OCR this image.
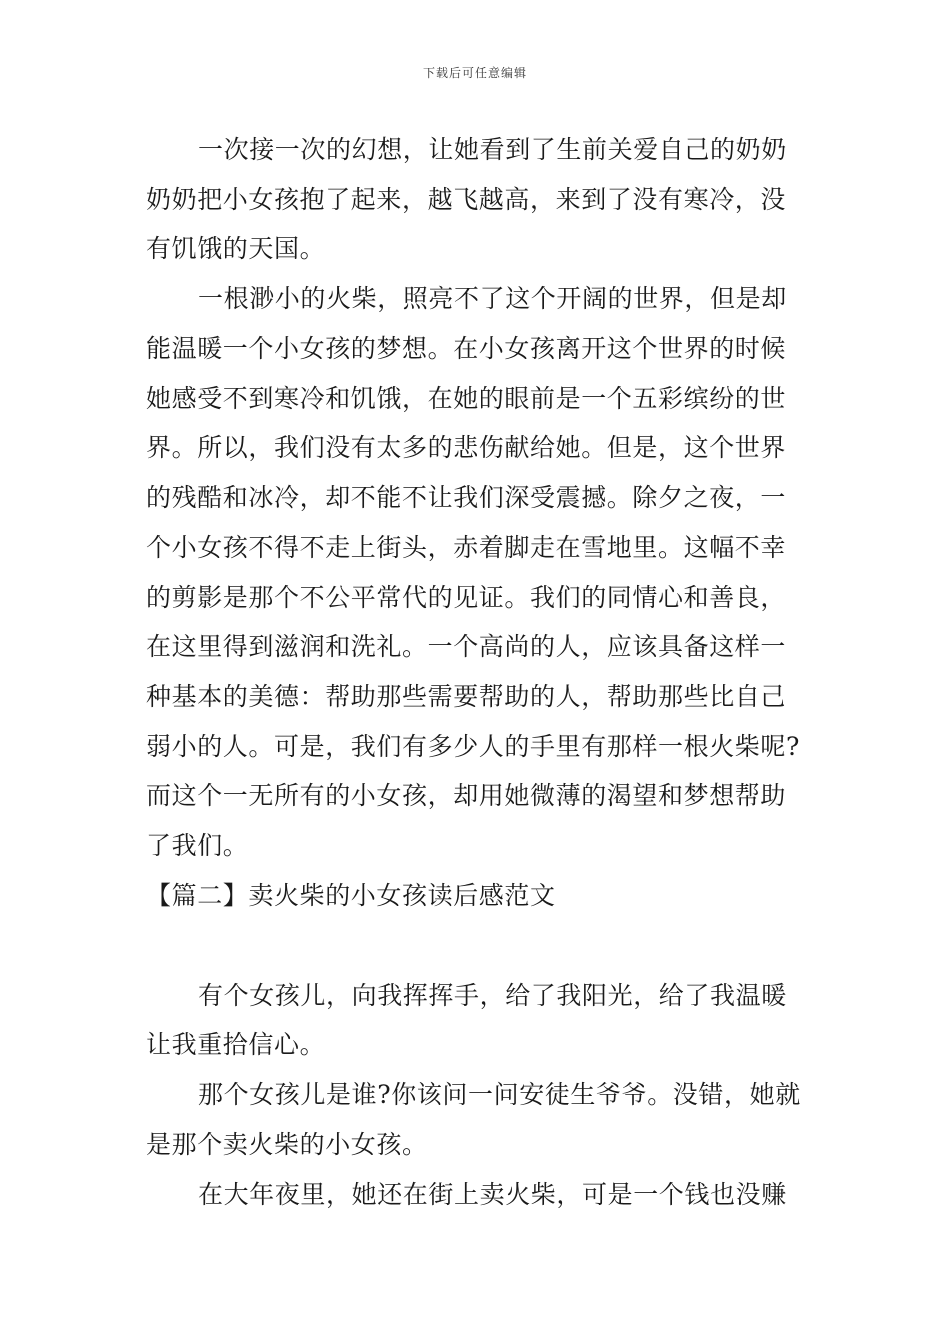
下载后可任意编辑
一次接一次的幻想，让她看到了生前关爱自己的奶奶
奶奶把小女孩抱了起来，越飞越高，来到了没有寒冷，没
有饥饿的天国。
一根渺小的火柴，照亮不了这个开阔的世界，但是却
能温暖一个小女孩的梦想。在小女孩离开这个世界的时候
她感受不到寒冷和饥饿，在她的眼前是一个五彩缤纷的世
界。所以，我们没有太多的悲伤献给她。但是，这个世界
的残酷和冰冷，却不能不让我们深受震撼。除夕之夜，一
个小女孩不得不走上街头，赤着脚走在雪地里。这幅不幸
的剪影是那个不公平常代的见证。我们的同情心和善良，
在这里得到滋润和洗礼。一个高尚的人，应该具备这样一
种基本的美德：帮助那些需要帮助的人，帮助那些比自己
弱小的人。可是，我们有多少人的手里有那样一根火柴呢?
而这个一无所有的小女孩，却用她微薄的渴望和梦想帮助
了我们。
【篇二】卖火柴的小女孩读后感范文
有个女孩儿，向我挥挥手，给了我阳光，给了我温暖
让我重拾信心。
那个女孩儿是谁?你该问一问安徒生爷爷。没错，她就
是那个卖火柴的小女孩。
在大年夜里，她还在街上卖火柴，可是一个钱也没赚
